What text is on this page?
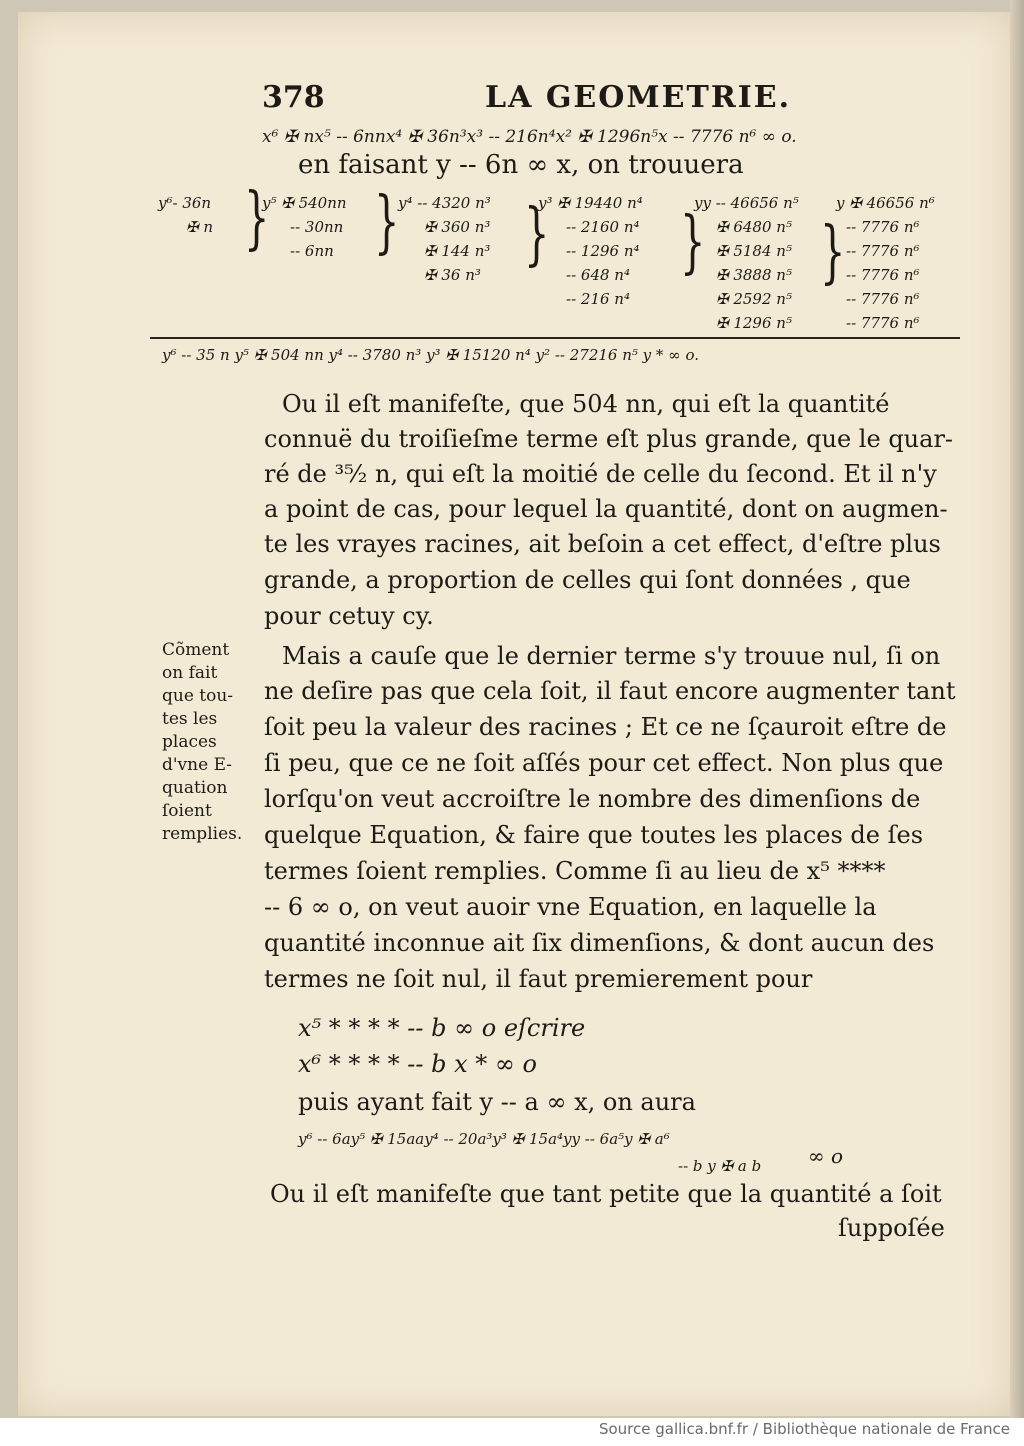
378	LA GEOMETRIE.
x⁶ ✠ nx⁵ -- 6nnx⁴ ✠ 36n³x³ -- 216n⁴x² ✠ 1296n⁵x -- 7776 n⁶ ∞ o.
en faisant y -- 6n ∞ x, on trouuera
y⁶- 36n
✠ n }
y⁵ ✠ 540nn
-- 30nn
-- 6nn }
y⁴ -- 4320 n³
✠ 360 n³
✠ 144 n³
✠ 36 n³
}
y³ ✠ 19440 n⁴
-- 2160 n⁴
-- 1296 n⁴
-- 648 n⁴
-- 216 n⁴
}
yy -- 46656 n⁵
✠ 6480 n⁵
✠ 5184 n⁵
✠ 3888 n⁵
✠ 2592 n⁵
✠ 1296 n⁵
}
y ✠ 46656 n⁶
-- 7776 n⁶
-- 7776 n⁶
-- 7776 n⁶
-- 7776 n⁶
-- 7776 n⁶
y⁶ -- 35 n y⁵ ✠ 504 nn y⁴ -- 3780 n³ y³ ✠ 15120 n⁴ y² -- 27216 n⁵ y * ∞ o.
Ou il eſt manifeſte, que 504 nn, qui eſt la quantité
connuë du troiſieſme terme eſt plus grande, que le quar-
ré de ³⁵⁄₂ n, qui eſt la moitié de celle du ſecond. Et il n'y
a point de cas, pour lequel la quantité, dont on augmen-
te les vrayes racines, ait beſoin a cet effect, d'eſtre plus
grande, a proportion de celles qui ſont données , que
pour cetuy cy.
Cõment
on fait
que tou-
tes les
places
d'vne E-
quation
ſoient
remplies.
Mais a cauſe que le dernier terme s'y trouue nul, ſi on
ne deſire pas que cela ſoit, il faut encore augmenter tant
ſoit peu la valeur des racines ; Et ce ne ſçauroit eſtre de
ſi peu, que ce ne ſoit aſſés pour cet effect. Non plus que
lorſqu'on veut accroiſtre le nombre des dimenſions de
quelque Equation, & faire que toutes les places de ſes
termes ſoient remplies. Comme ſi au lieu de x⁵ ****
-- 6 ∞ o, on veut auoir vne Equation, en laquelle la
quantité inconnue ait ſix dimenſions, & dont aucun des
termes ne ſoit nul, il faut premierement pour
x⁵ * * * * -- b ∞ o eſcrire
x⁶ * * * * -- b x * ∞ o
puis ayant fait y -- a ∞ x, on aura
y⁶ -- 6ay⁵ ✠ 15aay⁴ -- 20a³y³ ✠ 15a⁴yy -- 6a⁵y ✠ a⁶
-- b y ✠ a b ∞ o
Ou il eſt manifeſte que tant petite que la quantité a ſoit
ſuppoſée
Source gallica.bnf.fr / Bibliothèque nationale de France
